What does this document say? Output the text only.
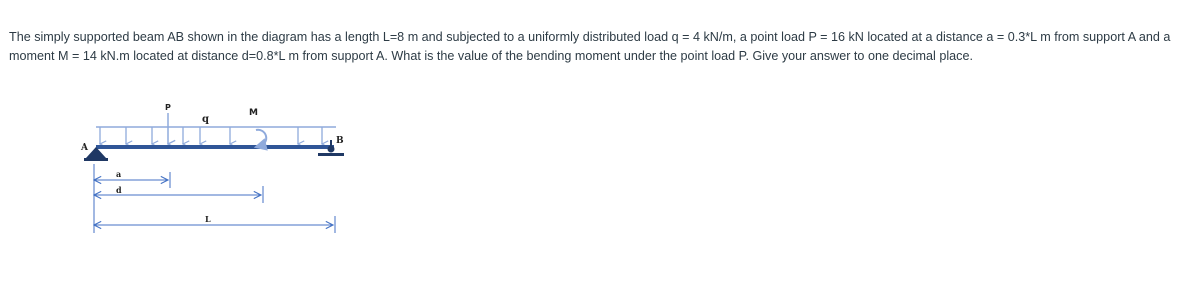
The simply supported beam AB shown in the diagram has a length L=8 m and subjected to a uniformly distributed load q = 4 kN/m, a point load P = 16 kN located at a distance a = 0.3*L m from support A and a

moment M = 14 kN.m located at distance d=0.8*L m from support A. What is the value of the bending moment under the point load P. Give your answer to one decimal place.

q
P
M
A
B
a
d
L
